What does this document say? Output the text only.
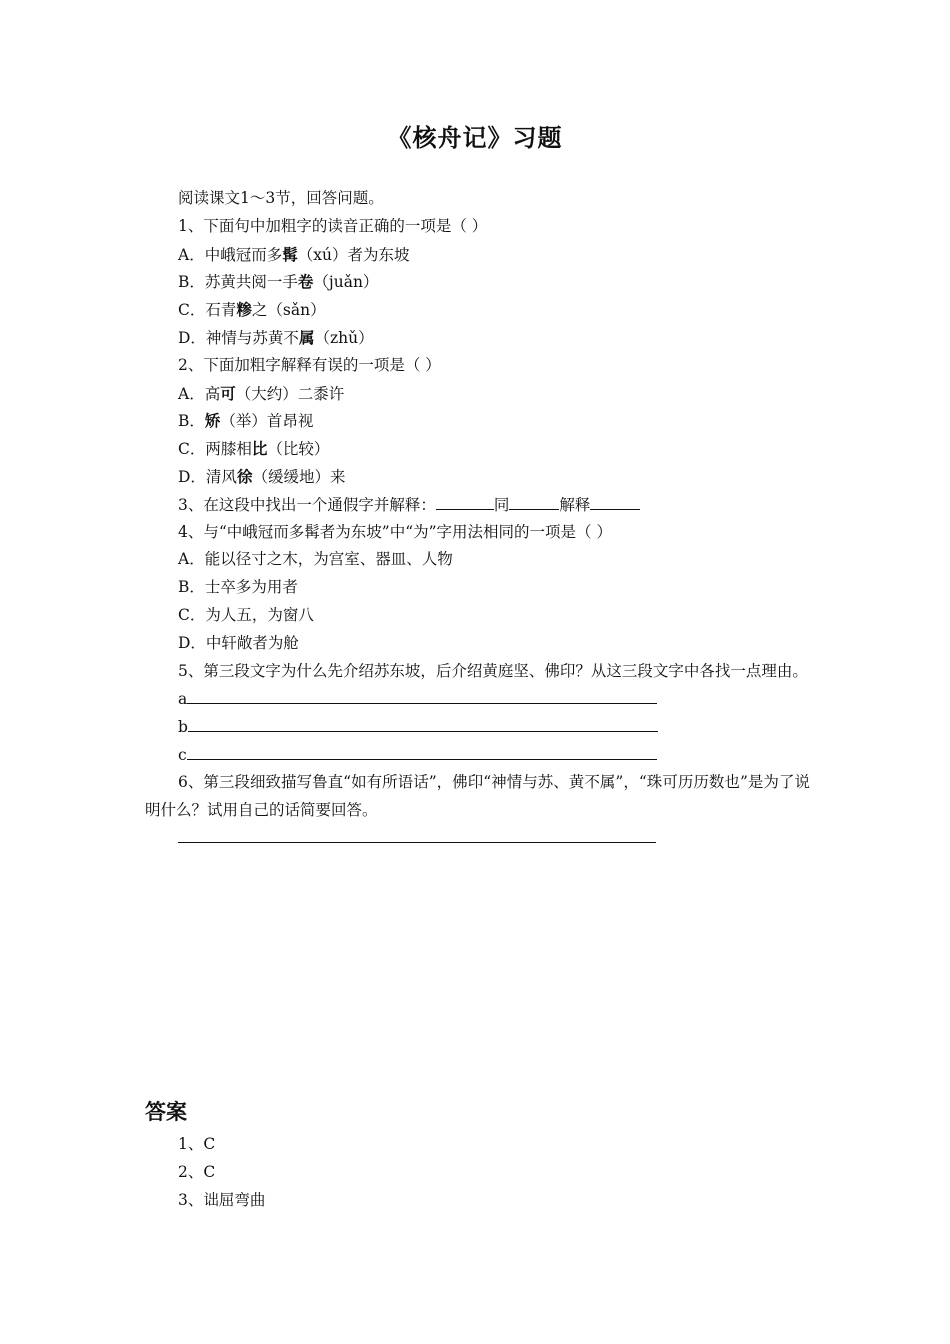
《核舟记》习题
阅读课文1～3节，回答问题。
1、下面句中加粗字的读音正确的一项是（ ）
A．中峨冠而多髯（xú）者为东坡
B．苏黄共阅一手卷（juǎn）
C．石青糁之（sǎn）
D．神情与苏黄不属（zhǔ）
2、下面加粗字解释有误的一项是（ ）
A．高可（大约）二黍许
B．矫（举）首昂视
C．两膝相比（比较）
D．清风徐（缓缓地）来
3、在这段中找出一个通假字并解释：	同	解释
4、与“中峨冠而多髯者为东坡”中“为”字用法相同的一项是（ ）
A．能以径寸之木，为宫室、器皿、人物
B．士卒多为用者
C．为人五，为窗八
D．中轩敞者为舱
5、第三段文字为什么先介绍苏东坡，后介绍黄庭坚、佛印？从这三段文字中各找一点理由。
a
b
c
6、第三段细致描写鲁直“如有所语话”，佛印“神情与苏、黄不属”，“珠可历历数也”是为了说明什么？试用自己的话简要回答。
答案
1、C
2、C
3、诎屈弯曲
